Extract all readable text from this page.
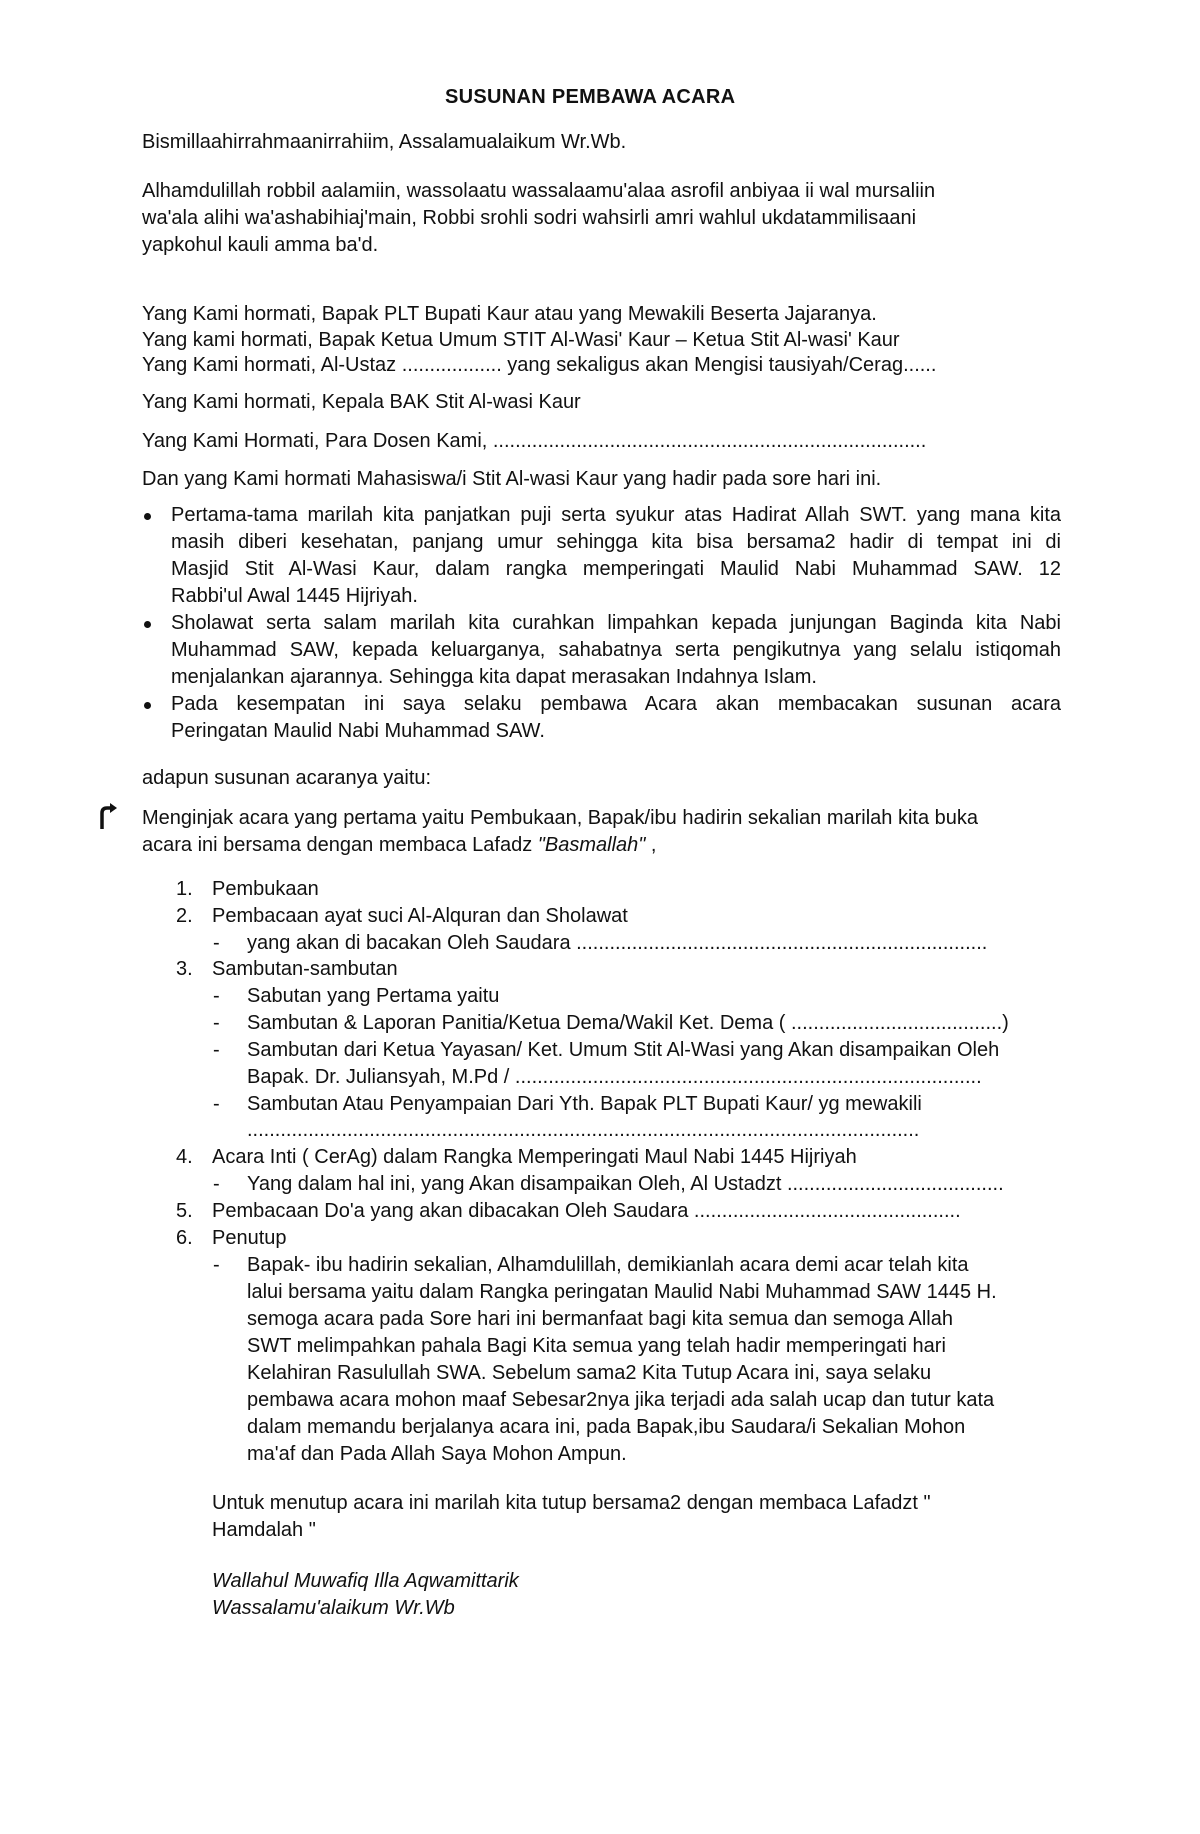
SUSUNAN PEMBAWA ACARA
Bismillaahirrahmaanirrahiim, Assalamualaikum Wr.Wb.
Alhamdulillah robbil aalamiin, wassolaatu wassalaamu'alaa asrofil anbiyaa ii wal mursaliin
wa'ala alihi wa'ashabihiaj'main, Robbi srohli sodri wahsirli amri wahlul ukdatammilisaani
yapkohul kauli amma ba'd.
Yang Kami hormati, Bapak PLT Bupati Kaur atau yang Mewakili Beserta Jajaranya.
Yang kami hormati, Bapak Ketua Umum STIT Al-Wasi' Kaur – Ketua Stit Al-wasi' Kaur
Yang Kami hormati, Al-Ustaz .................. yang sekaligus akan Mengisi tausiyah/Cerag......
Yang Kami hormati, Kepala BAK Stit Al-wasi Kaur
Yang Kami Hormati, Para Dosen Kami, ..............................................................................
Dan yang Kami hormati Mahasiswa/i Stit Al-wasi Kaur yang hadir pada sore hari ini.
Pertama-tama marilah kita panjatkan puji serta syukur atas Hadirat Allah SWT. yang mana kita
masih diberi kesehatan, panjang umur sehingga kita bisa bersama2 hadir di tempat ini di
Masjid Stit Al-Wasi Kaur, dalam rangka memperingati Maulid Nabi Muhammad SAW. 12
Rabbi'ul Awal 1445 Hijriyah.
Sholawat serta salam marilah kita curahkan limpahkan kepada junjungan Baginda kita Nabi
Muhammad SAW, kepada keluarganya, sahabatnya serta pengikutnya yang selalu istiqomah
menjalankan ajarannya. Sehingga kita dapat merasakan Indahnya Islam.
Pada kesempatan ini saya selaku pembawa Acara akan membacakan susunan acara
Peringatan Maulid Nabi Muhammad SAW.
adapun susunan acaranya yaitu:
Menginjak acara yang pertama yaitu Pembukaan, Bapak/ibu hadirin sekalian marilah kita buka
acara ini bersama dengan membaca Lafadz "Basmallah" ,
1. Pembukaan
2. Pembacaan ayat suci Al-Alquran dan Sholawat
- yang akan di bacakan Oleh Saudara ..........................................................................
3. Sambutan-sambutan
- Sabutan yang Pertama yaitu
- Sambutan & Laporan Panitia/Ketua Dema/Wakil Ket. Dema ( ......................................)
- Sambutan dari Ketua Yayasan/ Ket. Umum Stit Al-Wasi yang Akan disampaikan Oleh
Bapak. Dr. Juliansyah, M.Pd / ....................................................................................
- Sambutan Atau Penyampaian Dari Yth. Bapak PLT Bupati Kaur/ yg mewakili
.........................................................................................................................
4. Acara Inti ( CerAg) dalam Rangka Memperingati Maul Nabi 1445 Hijriyah
- Yang dalam hal ini, yang Akan disampaikan Oleh, Al Ustadzt .......................................
5. Pembacaan Do'a yang akan dibacakan Oleh Saudara ................................................
6. Penutup
- Bapak- ibu hadirin sekalian, Alhamdulillah, demikianlah acara demi acar telah kita
lalui bersama yaitu dalam Rangka peringatan Maulid Nabi Muhammad SAW 1445 H.
semoga acara pada Sore hari ini bermanfaat bagi kita semua dan semoga Allah
SWT melimpahkan pahala Bagi Kita semua yang telah hadir memperingati hari
Kelahiran Rasulullah SWA. Sebelum sama2 Kita Tutup Acara ini, saya selaku
pembawa acara mohon maaf Sebesar2nya jika terjadi ada salah ucap dan tutur kata
dalam memandu berjalanya acara ini, pada Bapak,ibu Saudara/i Sekalian Mohon
ma'af dan Pada Allah Saya Mohon Ampun.
Untuk menutup acara ini marilah kita tutup bersama2 dengan membaca Lafadzt "
Hamdalah "
Wallahul Muwafiq Illa Aqwamittarik
Wassalamu'alaikum Wr.Wb
